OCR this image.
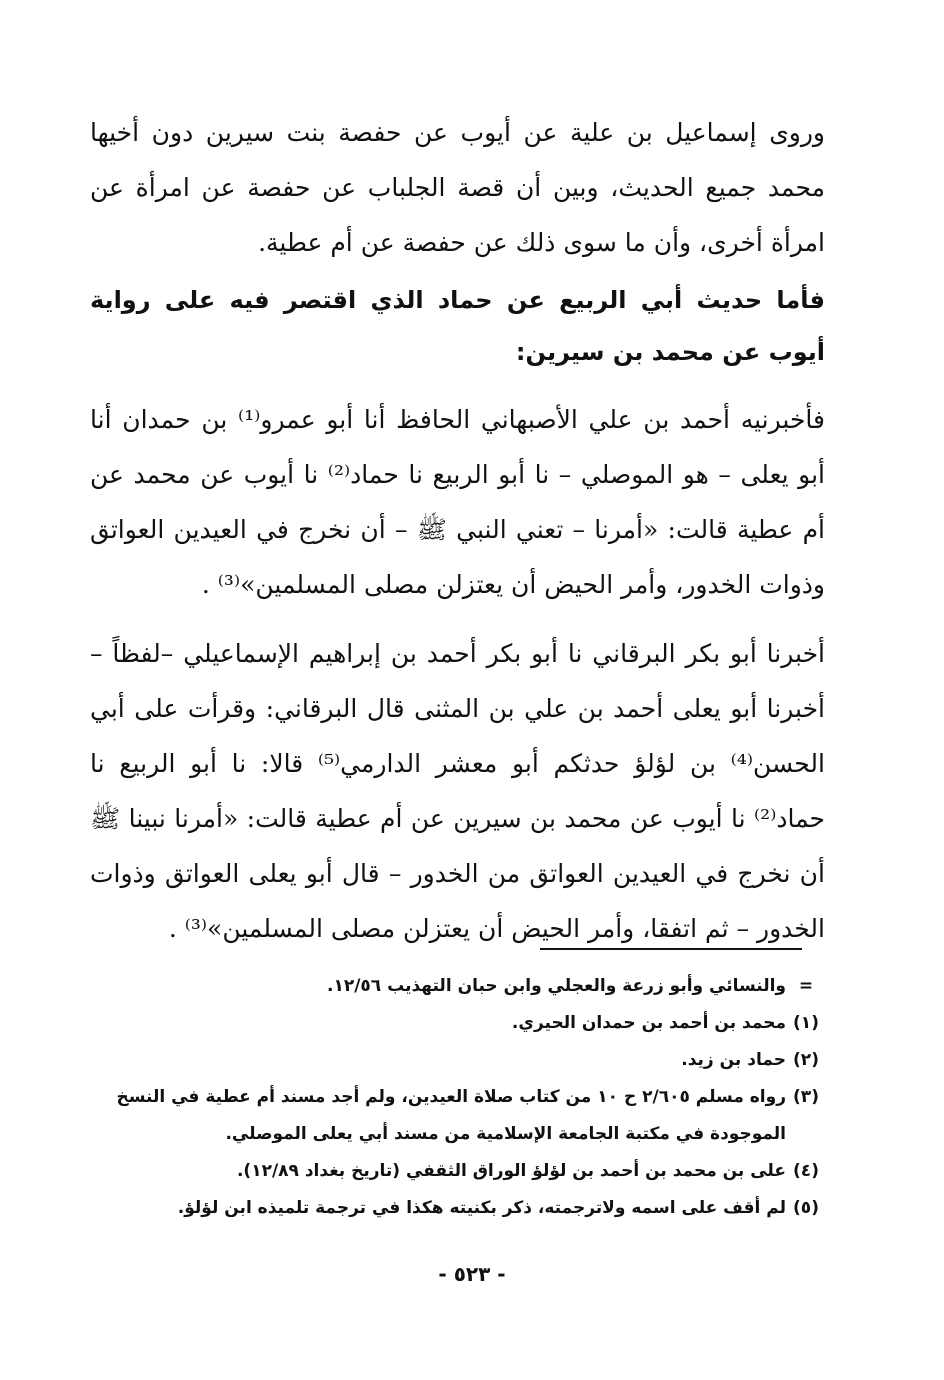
وروى إسماعيل بن علية عن أيوب عن حفصة بنت سيرين دون أخيها محمد جميع الحديث، وبين أن قصة الجلباب عن حفصة عن امرأة عن امرأة أخرى، وأن ما سوى ذلك عن حفصة عن أم عطية.

فأما حديث أبي الربيع عن حماد الذي اقتصر فيه على رواية أيوب عن محمد بن سيرين:

فأخبرنيه أحمد بن علي الأصبهاني الحافظ أنا أبو عمرو⁽¹⁾ بن حمدان أنا أبو يعلى – هو الموصلي – نا أبو الربيع نا حماد⁽²⁾ نا أيوب عن محمد عن أم عطية قالت: «أمرنا – تعني النبي ﷺ – أن نخرج في العيدين العواتق وذوات الخدور، وأمر الحيض أن يعتزلن مصلى المسلمين»⁽³⁾ .

أخبرنا أبو بكر البرقاني نا أبو بكر أحمد بن إبراهيم الإسماعيلي –لفظاً – أخبرنا أبو يعلى أحمد بن علي بن المثنى قال البرقاني: وقرأت على أبي الحسن⁽⁴⁾ بن لؤلؤ حدثكم أبو معشر الدارمي⁽⁵⁾ قالا: نا أبو الربيع نا حماد⁽²⁾ نا أيوب عن محمد بن سيرين عن أم عطية قالت: «أمرنا نبينا ﷺ أن نخرج في العيدين العواتق من الخدور – قال أبو يعلى العواتق وذوات الخدور – ثم اتفقا، وأمر الحيض أن يعتزلن مصلى المسلمين»⁽³⁾ .

=
والنسائي وأبو زرعة والعجلي وابن حبان التهذيب ١٢/٥٦.
(١)
محمد بن أحمد بن حمدان الحيري.
(٢)
حماد بن زيد.
(٣)
رواه مسلم ٢/٦٠٥ ح ١٠ من كتاب صلاة العيدين، ولم أجد مسند أم عطية في النسخ الموجودة في مكتبة الجامعة الإسلامية من مسند أبي يعلى الموصلي.
(٤)
على بن محمد بن أحمد بن لؤلؤ الوراق الثقفي (تاريخ بغداد ١٢/٨٩).
(٥)
لم أقف على اسمه ولاترجمته، ذكر بكنيته هكذا في ترجمة تلميذه ابن لؤلؤ.
- ٥٢٣ -
